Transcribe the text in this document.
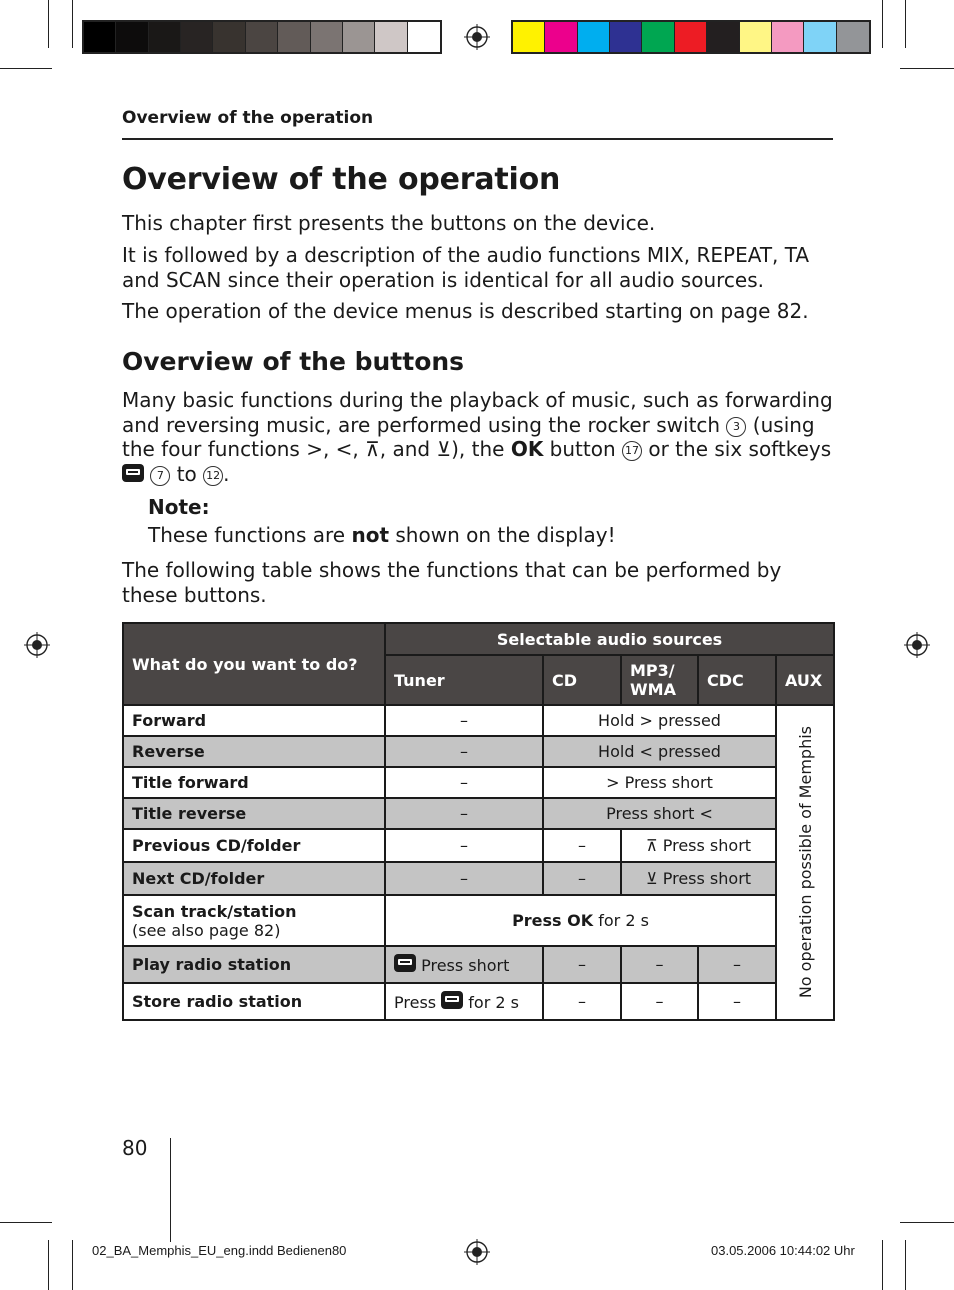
Overview of the operation
Overview of the operation

This chapter first presents the buttons on the device.

It is followed by a description of the audio functions MIX, REPEAT, TA and SCAN since their operation is identical for all audio sources.

The operation of the device menus is described starting on page 82.

Overview of the buttons

Many basic functions during the playback of music, such as forwarding and reversing music, are performed using the rocker switch 3 (using the four functions >, <, ⊼, and ⊻), the OK button 17 or the six softkeys
7 to 12 .

Note:
These functions are not shown on the display!

The following table shows the functions that can be performed by these buttons.

What do you want to do?	Selectable audio sources				
	Tuner	CD	MP3/
WMA	CDC	AUX
Forward	–	Hold > pressed			No operation possible of Memphis

Reverse	–	Hold < pressed			
Title forward	–	> Press short			
Title reverse	–	Press short <			
Previous CD/folder	–	–	⊼ Press short		
Next CD/folder	–	–	⊻ Press short		
Scan track/station
(see also page 82)	Press OK for 2 s				
Play radio station	Press short	–	–	–	
Store radio station	Press for 2 s	–	–	–	
80
02_BA_Memphis_EU_eng.indd Bedienen80	03.05.2006 10:44:02 Uhr
